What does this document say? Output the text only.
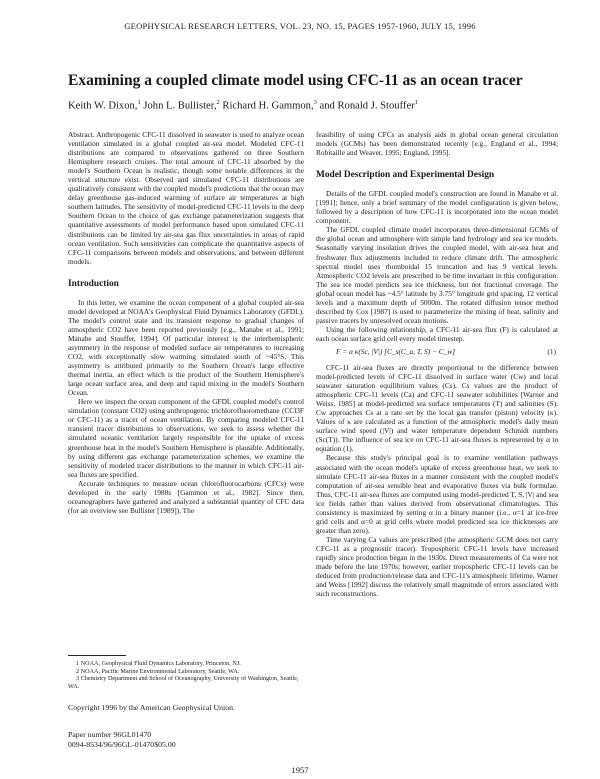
GEOPHYSICAL RESEARCH LETTERS, VOL. 23, NO. 15, PAGES 1957-1960, JULY 15, 1996
Examining a coupled climate model using CFC-11 as an ocean tracer
Keith W. Dixon,$^1$ John L. Bullister,$^2$ Richard H. Gammon,$^3$ and Ronald J. Stouffer$^1$

Abstract. Anthropogenic CFC-11 dissolved in seawater is used to analyze ocean ventilation simulated in a global coupled air-sea model. Modeled CFC-11 distributions are compared to observations gathered on three Southern Hemisphere research cruises. The total amount of CFC-11 absorbed by the model's Southern Ocean is realistic, though some notable differences in the vertical structure exist. Observed and simulated CFC-11 distributions are qualitatively consistent with the coupled model's predictions that the ocean may delay greenhouse gas-induced warming of surface air temperatures at high southern latitudes. The sensitivity of model-predicted CFC-11 levels in the deep Southern Ocean to the choice of gas exchange parameterization suggests that quantitative assessments of model performance based upon simulated CFC-11 distributions can be limited by air-sea gas flux uncertainties in areas of rapid ocean ventilation. Such sensitivities can complicate the quantitative aspects of CFC-11 comparisons between models and observations, and between different models.

Introduction

In this letter, we examine the ocean component of a global coupled air-sea model developed at NOAA's Geophysical Fluid Dynamics Laboratory (GFDL). The model's control state and its transient response to gradual changes of atmospheric CO2 have been reported previously [e.g., Manabe et al., 1991; Manabe and Stouffer, 1994]. Of particular interest is the interhemispheric asymmetry in the response of modeled surface air temperatures to increasing CO2, with exceptionally slow warming simulated south of ~45°S. This asymmetry is attributed primarily to the Southern Ocean's large effective thermal inertia, an effect which is the product of the Southern Hemisphere's large ocean surface area, and deep and rapid mixing in the model's Southern Ocean.

Here we inspect the ocean component of the GFDL coupled model's control simulation (constant CO2) using anthropogenic trichlorofluoromethane (CCl3F or CFC-11) as a tracer of ocean ventilation. By comparing modeled CFC-11 transient tracer distributions to observations, we seek to assess whether the simulated oceanic ventilation largely responsible for the uptake of excess greenhouse heat in the model's Southern Hemisphere is plausible. Additionally, by using different gas exchange parameterization schemes, we examine the sensitivity of modeled tracer distributions to the manner in which CFC-11 air-sea fluxes are specified.

Accurate techniques to measure ocean chlorofluorocarbons (CFCs) were developed in the early 1980s [Gammon et al., 1982]. Since then, oceanographers have gathered and analyzed a substantial quantity of CFC data (for an overview see Bullister [1989]). The

1 NOAA, Geophysical Fluid Dynamics Laboratory, Princeton, NJ.

2 NOAA, Pacific Marine Environmental Laboratory, Seattle, WA.

3 Chemistry Department and School of Oceanography, University of Washington, Seattle, WA.

Copyright 1996 by the American Geophysical Union.
Paper number 96GL01470
0094-8534/96/96GL-01470$05.00

feasibility of using CFCs as analysis aids in global ocean general circulation models (GCMs) has been demonstrated recently [e.g., England et al., 1994; Robitaille and Weaver, 1995; England, 1995].

Model Description and Experimental Design

Details of the GFDL coupled model's construction are found in Manabe et al. [1991]; hence, only a brief summary of the model configuration is given below, followed by a description of how CFC-11 is incorporated into the ocean model component.

The GFDL coupled climate model incorporates three-dimensional GCMs of the global ocean and atmosphere with simple land hydrology and sea ice models. Seasonally varying insolation drives the coupled model, with air-sea heat and freshwater flux adjustments included to reduce climate drift. The atmospheric spectral model uses rhomboidal 15 truncation and has 9 vertical levels. Atmospheric CO2 levels are prescribed to be time invariant in this configuration. The sea ice model predicts sea ice thickness, but not fractional coverage. The global ocean model has ~4.5° latitude by 3.75° longitude grid spacing, 12 vertical levels and a maximum depth of 5000m. The rotated diffusion tensor method described by Cox [1987] is used to parameterize the mixing of heat, salinity and passive tracers by unresolved ocean motions.

Using the following relationship, a CFC-11 air-sea flux (F) is calculated at each ocean surface grid cell every model timestep.

F = α κ(Sc, |V|) [C_s(C_a, T, S) − C_w]	(1)

CFC-11 air-sea fluxes are directly proportional to the difference between model-predicted levels of CFC-11 dissolved in surface water (Cw) and local seawater saturation equilibrium values (Cs). Cs values are the product of atmospheric CFC-11 levels (Ca) and CFC-11 seawater solubilities [Warner and Weiss, 1985] at model-predicted sea surface temperatures (T) and salinities (S). Cw approaches Cs at a rate set by the local gas transfer (piston) velocity (κ). Values of κ are calculated as a function of the atmospheric model's daily mean surface wind speed (|V|) and water temperature dependent Schmidt numbers (Sc(T)). The influence of sea ice on CFC-11 air-sea fluxes is represented by α in equation (1).

Because this study's principal goal is to examine ventilation pathways associated with the ocean model's uptake of excess greenhouse heat, we seek to simulate CFC-11 air-sea fluxes in a manner consistent with the coupled model's computation of air-sea sensible heat and evaporative fluxes via bulk formulae. Thus, CFC-11 air-sea fluxes are computed using model-predicted T, S, |V| and sea ice fields rather than values derived from observational climatologies. This consistency is maximized by setting α in a binary manner (i.e., α=1 at ice-free grid cells and α=0 at grid cells where model predicted sea ice thicknesses are greater than zero).

Time varying Ca values are prescribed (the atmospheric GCM does not carry CFC-11 as a prognostic tracer). Tropospheric CFC-11 levels have increased rapidly since production began in the 1930s. Direct measurements of Ca were not made before the late 1970s; however, earlier tropospheric CFC-11 levels can be deduced from production/release data and CFC-11's atmospheric lifetime. Warner and Weiss [1992] discuss the relatively small magnitude of errors associated with such reconstructions.

1957
